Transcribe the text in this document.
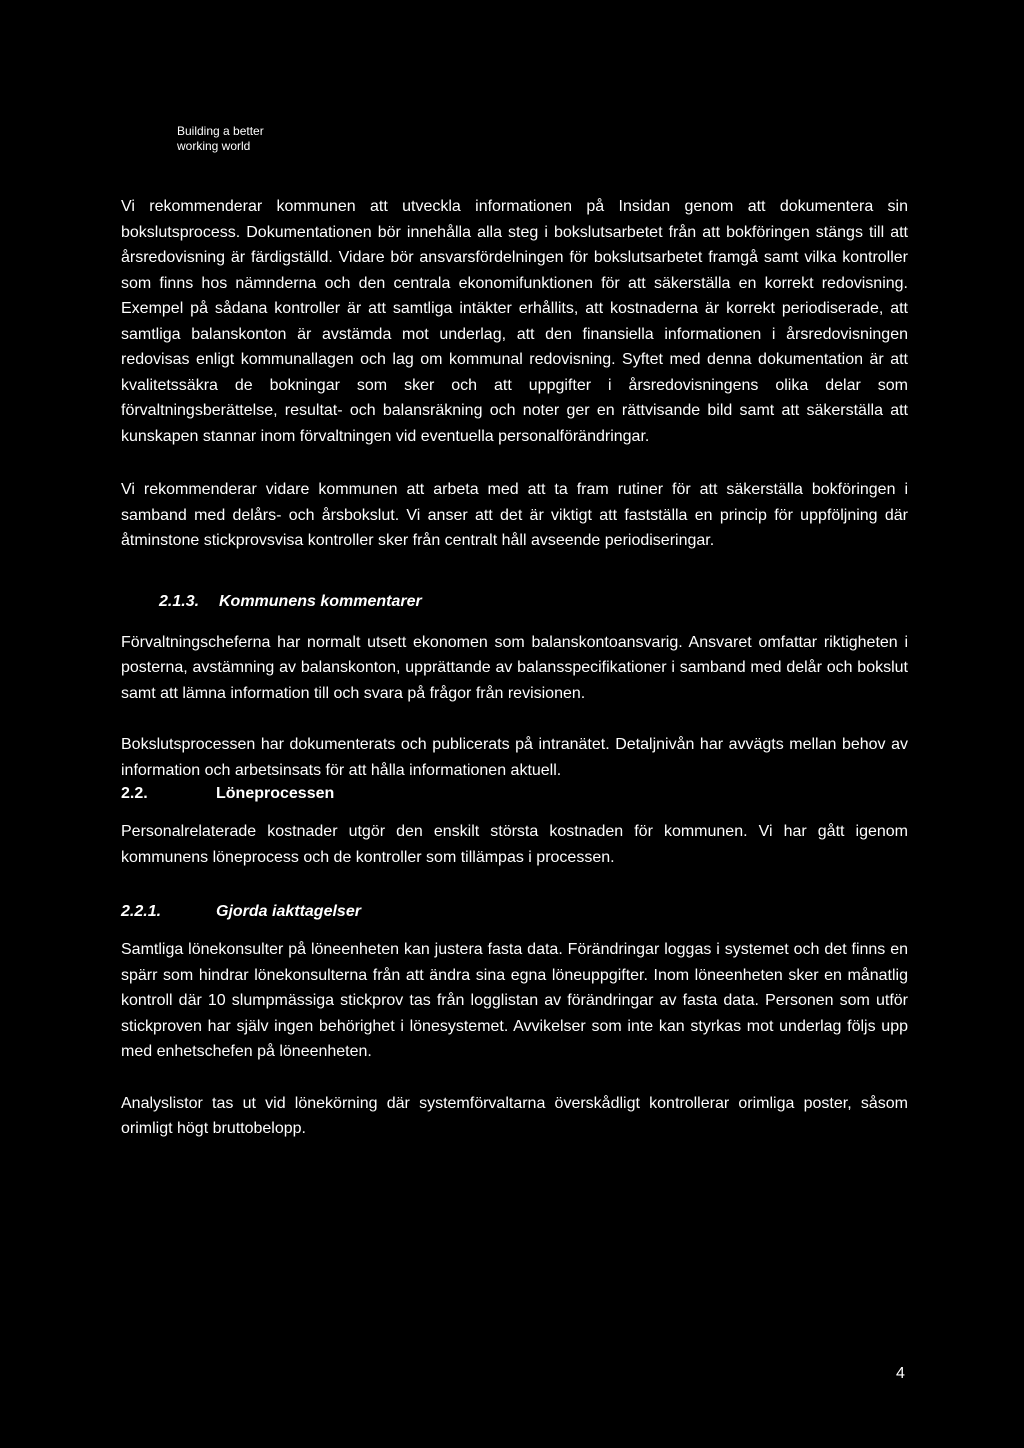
Building a better
working world

Vi rekommenderar kommunen att utveckla informationen på Insidan genom att dokumentera sin bokslutsprocess. Dokumentationen bör innehålla alla steg i bokslutsarbetet från att bokföringen stängs till att årsredovisning är färdigställd. Vidare bör ansvarsfördelningen för bokslutsarbetet framgå samt vilka kontroller som finns hos nämnderna och den centrala ekonomifunktionen för att säkerställa en korrekt redovisning. Exempel på sådana kontroller är att samtliga intäkter erhållits, att kostnaderna är korrekt periodiserade, att samtliga balanskonton är avstämda mot underlag, att den finansiella informationen i årsredovisningen redovisas enligt kommunallagen och lag om kommunal redovisning. Syftet med denna dokumentation är att kvalitetssäkra de bokningar som sker och att uppgifter i årsredovisningens olika delar som förvaltningsberättelse, resultat- och balansräkning och noter ger en rättvisande bild samt att säkerställa att kunskapen stannar inom förvaltningen vid eventuella personalförändringar.

Vi rekommenderar vidare kommunen att arbeta med att ta fram rutiner för att säkerställa bokföringen i samband med delårs- och årsbokslut. Vi anser att det är viktigt att fastställa en princip för uppföljning där åtminstone stickprovsvisa kontroller sker från centralt håll avseende periodiseringar.

2.1.3. Kommunens kommentarer

Förvaltningscheferna har normalt utsett ekonomen som balanskontoansvarig. Ansvaret omfattar riktigheten i posterna, avstämning av balanskonton, upprättande av balansspecifikationer i samband med delår och bokslut samt att lämna information till och svara på frågor från revisionen.

Bokslutsprocessen har dokumenterats och publicerats på intranätet. Detaljnivån har avvägts mellan behov av information och arbetsinsats för att hålla informationen aktuell.

2.2.	Löneprocessen

Personalrelaterade kostnader utgör den enskilt största kostnaden för kommunen. Vi har gått igenom kommunens löneprocess och de kontroller som tillämpas i processen.

2.2.1.	Gjorda iakttagelser

Samtliga lönekonsulter på löneenheten kan justera fasta data. Förändringar loggas i systemet och det finns en spärr som hindrar lönekonsulterna från att ändra sina egna löneuppgifter. Inom löneenheten sker en månatlig kontroll där 10 slumpmässiga stickprov tas från logglistan av förändringar av fasta data. Personen som utför stickproven har själv ingen behörighet i lönesystemet. Avvikelser som inte kan styrkas mot underlag följs upp med enhetschefen på löneenheten.

Analyslistor tas ut vid lönekörning där systemförvaltarna överskådligt kontrollerar orimliga poster, såsom orimligt högt bruttobelopp.

4
